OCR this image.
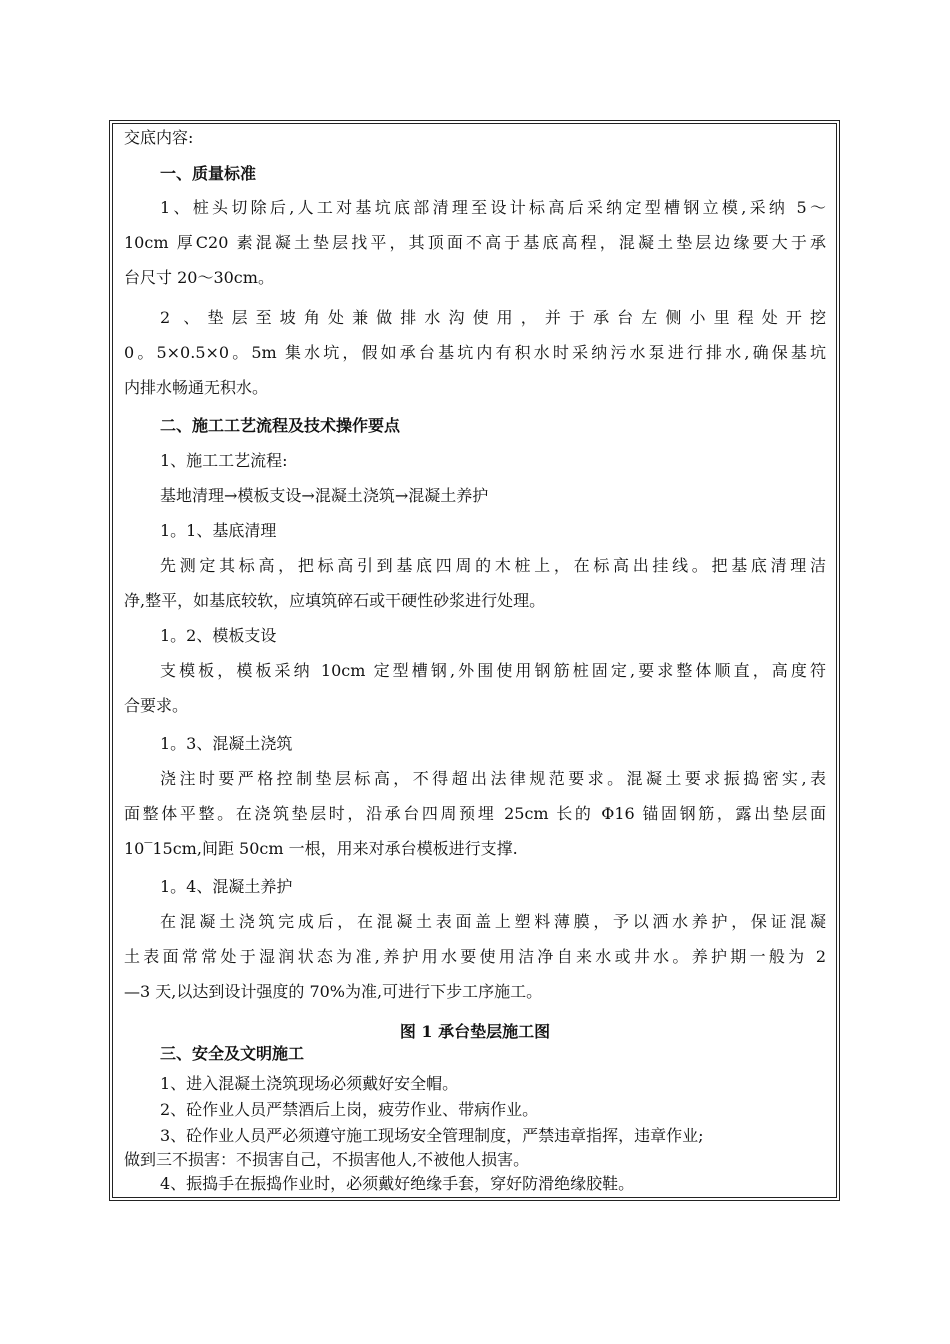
交底内容:
一、质量标准
1、桩头切除后,人工对基坑底部清理至设计标高后采纳定型槽钢立模,采纳 5～
10cm 厚C20 素混凝土垫层找平，其顶面不高于基底高程，混凝土垫层边缘要大于承
台尺寸 20～30cm。
2 、垫层至坡角处兼做排水沟使用，并于承台左侧小里程处开挖
0。5×0.5×0。5m 集水坑，假如承台基坑内有积水时采纳污水泵进行排水,确保基坑
内排水畅通无积水。
二、施工工艺流程及技术操作要点
1、施工工艺流程:
基地清理→模板支设→混凝土浇筑→混凝土养护
1。1、基底清理
先测定其标高，把标高引到基底四周的木桩上，在标高出挂线。把基底清理洁
净,整平，如基底较软，应填筑碎石或干硬性砂浆进行处理。
1。2、模板支设
支模板，模板采纳 10cm 定型槽钢,外围使用钢筋桩固定,要求整体顺直，高度符
合要求。
1。3、混凝土浇筑
浇注时要严格控制垫层标高，不得超出法律规范要求。混凝土要求振捣密实,表
面整体平整。在浇筑垫层时，沿承台四周预埋 25cm 长的 Φ16 锚固钢筋，露出垫层面
10‾15cm,间距 50cm 一根，用来对承台模板进行支撑.
1。4、混凝土养护
在混凝土浇筑完成后，在混凝土表面盖上塑料薄膜，予以洒水养护，保证混凝
土表面常常处于湿润状态为准,养护用水要使用洁净自来水或井水。养护期一般为 2
—3 天,以达到设计强度的 70%为准,可进行下步工序施工。
图 1 承台垫层施工图
三、安全及文明施工
1、进入混凝土浇筑现场必须戴好安全帽。
2、砼作业人员严禁酒后上岗，疲劳作业、带病作业。
3、砼作业人员严必须遵守施工现场安全管理制度，严禁违章指挥，违章作业;
做到三不损害：不损害自己，不损害他人,不被他人损害。
4、振捣手在振捣作业时，必须戴好绝缘手套，穿好防滑绝缘胶鞋。
